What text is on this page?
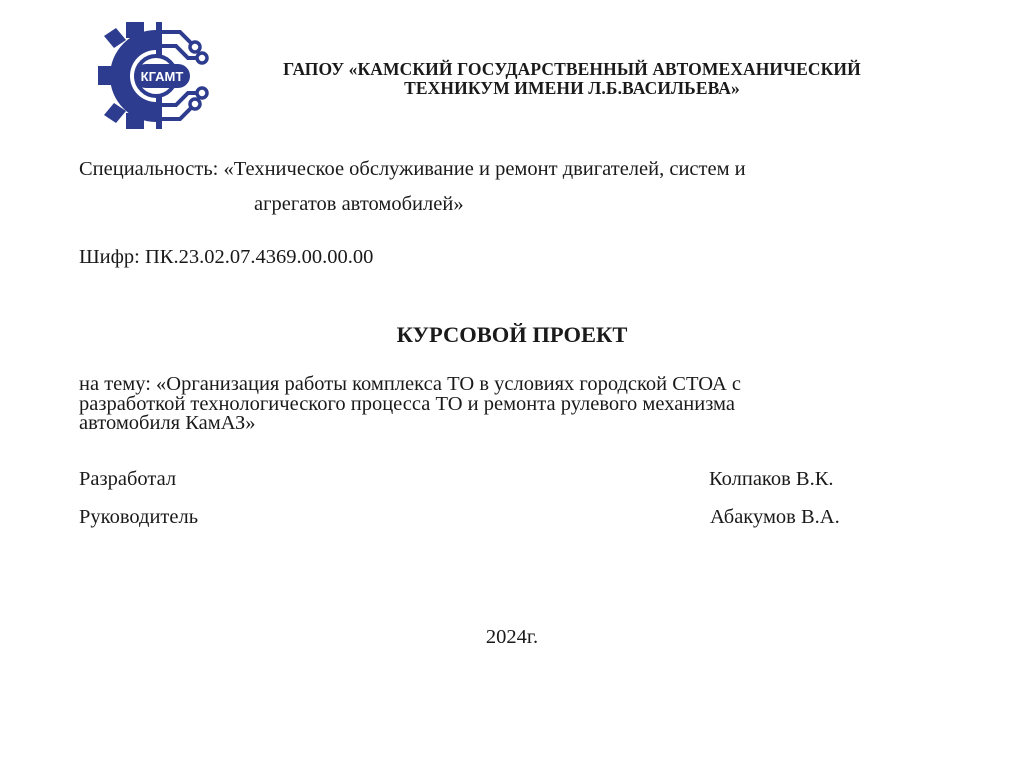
КГАМТ	ГАПОУ «КАМСКИЙ ГОСУДАРСТВЕННЫЙ АВТОМЕХАНИЧЕСКИЙ
ТЕХНИКУМ ИМЕНИ Л.Б.ВАСИЛЬЕВА»
Специальность: «Техническое обслуживание и ремонт двигателей, систем и
агрегатов автомобилей»
Шифр: ПК.23.02.07.4369.00.00.00
КУРСОВОЙ ПРОЕКТ
на тему: «Организация работы комплекса ТО в условиях городской СТОА с
разработкой технологического процесса ТО и ремонта рулевого механизма
автомобиля КамАЗ»
Разработал	Колпаков В.К.
Руководитель	Абакумов В.А.
2024г.
